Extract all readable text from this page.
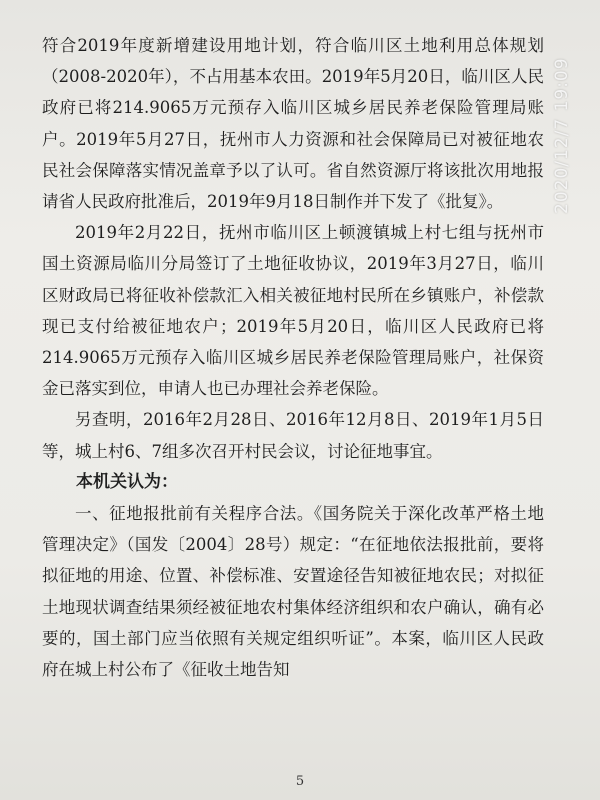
2020/12/7 19:09

符合2019年度新增建设用地计划，符合临川区土地利用总体规划（2008-2020年），不占用基本农田。2019年5月20日，临川区人民政府已将214.9065万元预存入临川区城乡居民养老保险管理局账户。2019年5月27日，抚州市人力资源和社会保障局已对被征地农民社会保障落实情况盖章予以了认可。省自然资源厅将该批次用地报请省人民政府批准后，2019年9月18日制作并下发了《批复》。

2019年2月22日，抚州市临川区上顿渡镇城上村七组与抚州市国土资源局临川分局签订了土地征收协议，2019年3月27日，临川区财政局已将征收补偿款汇入相关被征地村民所在乡镇账户，补偿款现已支付给被征地农户；2019年5月20日，临川区人民政府已将214.9065万元预存入临川区城乡居民养老保险管理局账户，社保资金已落实到位，申请人也已办理社会养老保险。

另查明，2016年2月28日、2016年12月8日、2019年1月5日等，城上村6、7组多次召开村民会议，讨论征地事宜。

本机关认为：

一、征地报批前有关程序合法。《国务院关于深化改革严格土地管理决定》（国发〔2004〕28号）规定：“在征地依法报批前，要将拟征地的用途、位置、补偿标准、安置途径告知被征地农民；对拟征土地现状调查结果须经被征地农村集体经济组织和农户确认，确有必要的，国土部门应当依照有关规定组织听证”。本案，临川区人民政府在城上村公布了《征收土地告知

5
